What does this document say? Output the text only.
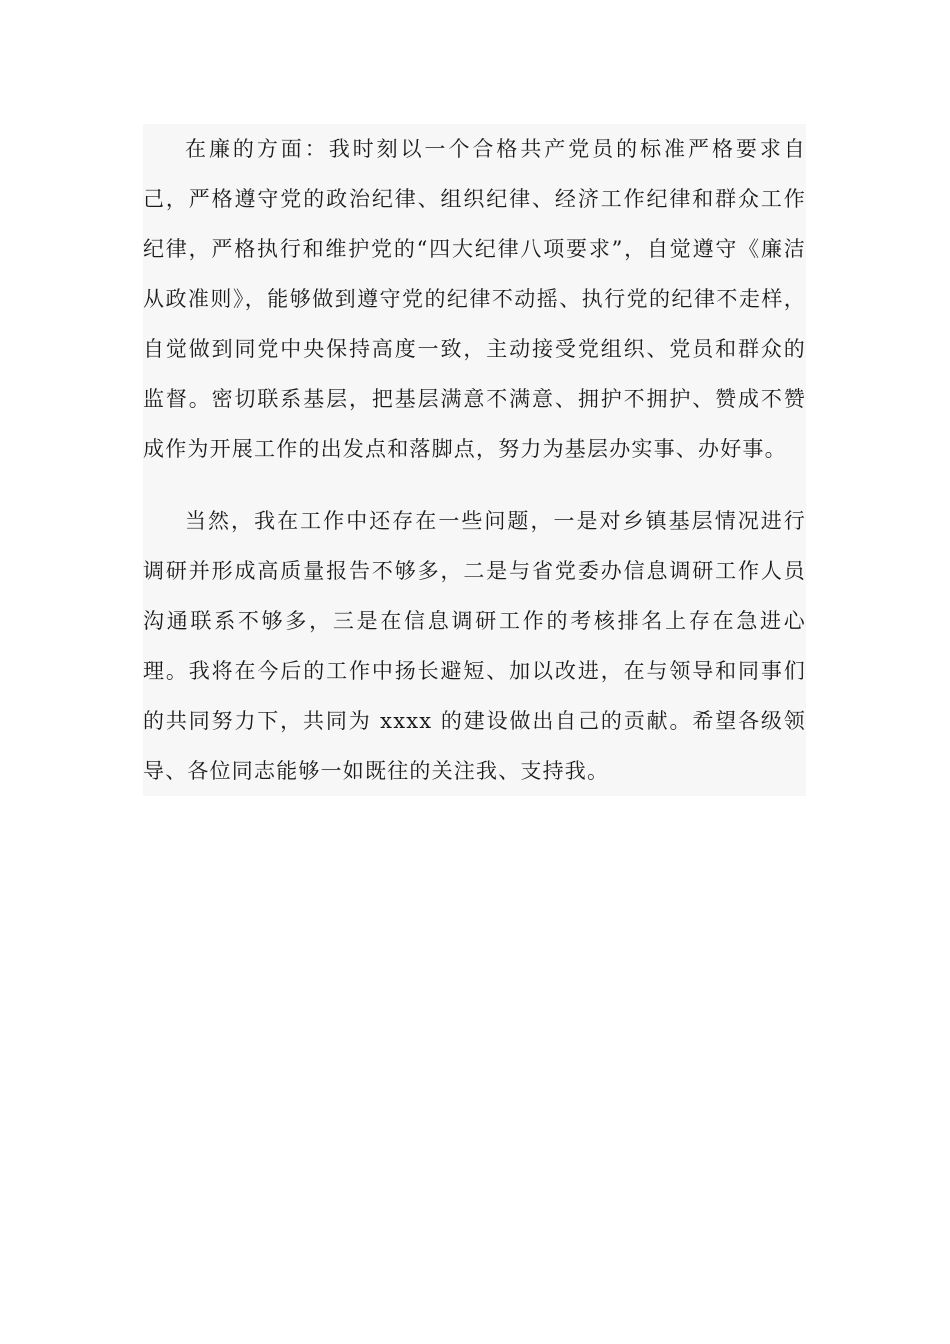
在廉的方面：我时刻以一个合格共产党员的标准严格要求自己，严格遵守党的政治纪律、组织纪律、经济工作纪律和群众工作纪律，严格执行和维护党的“四大纪律八项要求”，自觉遵守《廉洁从政准则》，能够做到遵守党的纪律不动摇、执行党的纪律不走样，自觉做到同党中央保持高度一致，主动接受党组织、党员和群众的监督。密切联系基层，把基层满意不满意、拥护不拥护、赞成不赞成作为开展工作的出发点和落脚点，努力为基层办实事、办好事。

当然，我在工作中还存在一些问题，一是对乡镇基层情况进行调研并形成高质量报告不够多，二是与省党委办信息调研工作人员沟通联系不够多，三是在信息调研工作的考核排名上存在急进心理。我将在今后的工作中扬长避短、加以改进，在与领导和同事们的共同努力下，共同为 xxxx 的建设做出自己的贡献。希望各级领导、各位同志能够一如既往的关注我、支持我。
